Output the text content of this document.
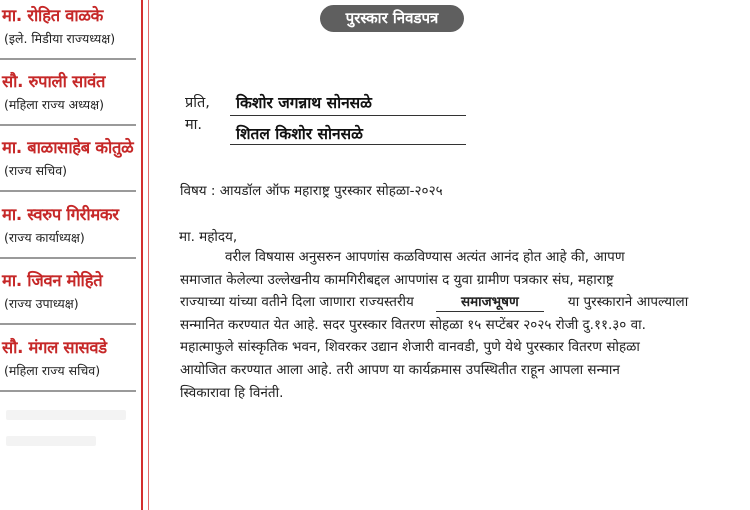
मा. रोहित वाळके
(इले. मिडीया राज्यध्यक्ष)
सौ. रुपाली सावंत
(महिला राज्य अध्यक्ष)
मा. बाळासाहेब कोतुळे
(राज्य सचिव)
मा. स्वरुप गिरीमकर
(राज्य कार्याध्यक्ष)
मा. जिवन मोहिते
(राज्य उपाध्यक्ष)
सौ. मंगल सासवडे
(महिला राज्य सचिव)
पुरस्कार निवडपत्र
प्रति, किशोर जगन्नाथ सोनसळे
मा. शितल किशोर सोनसळे
विषय : आयडॉल ऑफ महाराष्ट्र पुरस्कार सोहळा-२०२५
मा. महोदय,
वरील विषयास अनुसरुन आपणांस कळविण्यास अत्यंत आनंद होत आहे की, आपण
समाजात केलेल्या उल्लेखनीय कामगिरीबद्दल आपणांस द युवा ग्रामीण पत्रकार संघ, महाराष्ट्र
राज्याच्या यांच्या वतीने दिला जाणारा राज्यस्तरीय	समाजभूषण	या पुरस्काराने आपल्याला
सन्मानित करण्यात येत आहे. सदर पुरस्कार वितरण सोहळा १५ सप्टेंबर २०२५ रोजी दु.११.३० वा.
महात्माफुले सांस्कृतिक भवन, शिवरकर उद्यान शेजारी वानवडी, पुणे येथे पुरस्कार वितरण सोहळा
आयोजित करण्यात आला आहे. तरी आपण या कार्यक्रमास उपस्थितीत राहून आपला सन्मान
स्विकारावा हि विनंती.
